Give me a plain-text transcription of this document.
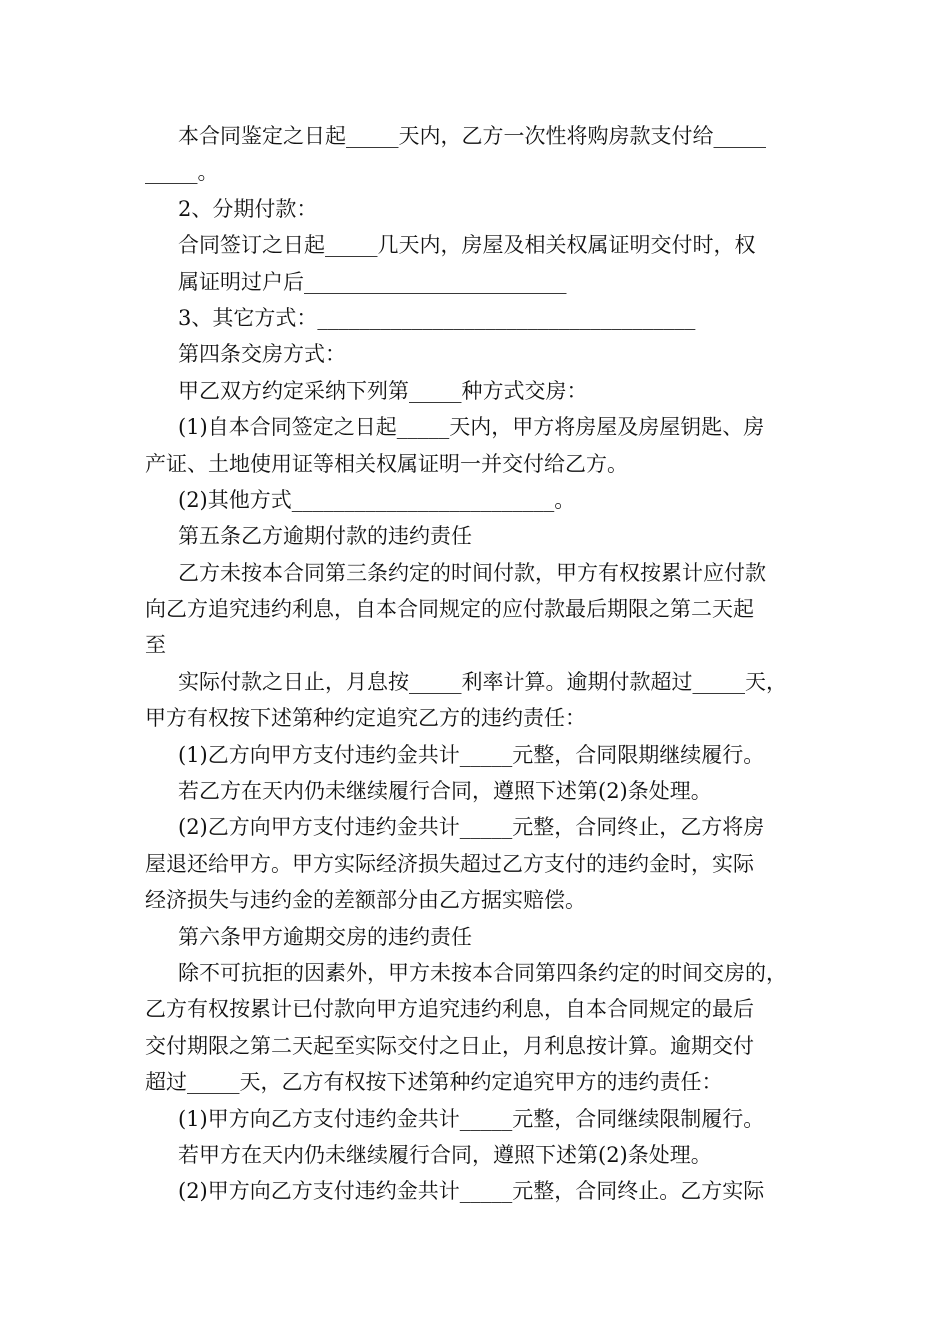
本合同鉴定之日起_____天内，乙方一次性将购房款支付给_____
_____。
2、分期付款：
合同签订之日起_____几天内，房屋及相关权属证明交付时，权
属证明过户后_________________________
3、其它方式：____________________________________
第四条交房方式：
甲乙双方约定采纳下列第_____种方式交房：
(1)自本合同签定之日起_____天内，甲方将房屋及房屋钥匙、房
产证、土地使用证等相关权属证明一并交付给乙方。
(2)其他方式_________________________。
第五条乙方逾期付款的违约责任
乙方未按本合同第三条约定的时间付款，甲方有权按累计应付款
向乙方追究违约利息，自本合同规定的应付款最后期限之第二天起
至
实际付款之日止，月息按_____利率计算。逾期付款超过_____天，
甲方有权按下述第种约定追究乙方的违约责任：
(1)乙方向甲方支付违约金共计_____元整，合同限期继续履行。
若乙方在天内仍未继续履行合同，遵照下述第(2)条处理。
(2)乙方向甲方支付违约金共计_____元整，合同终止，乙方将房
屋退还给甲方。甲方实际经济损失超过乙方支付的违约金时，实际
经济损失与违约金的差额部分由乙方据实赔偿。
第六条甲方逾期交房的违约责任
除不可抗拒的因素外，甲方未按本合同第四条约定的时间交房的，
乙方有权按累计已付款向甲方追究违约利息，自本合同规定的最后
交付期限之第二天起至实际交付之日止，月利息按计算。逾期交付
超过_____天，乙方有权按下述第种约定追究甲方的违约责任：
(1)甲方向乙方支付违约金共计_____元整，合同继续限制履行。
若甲方在天内仍未继续履行合同，遵照下述第(2)条处理。
(2)甲方向乙方支付违约金共计_____元整，合同终止。乙方实际
